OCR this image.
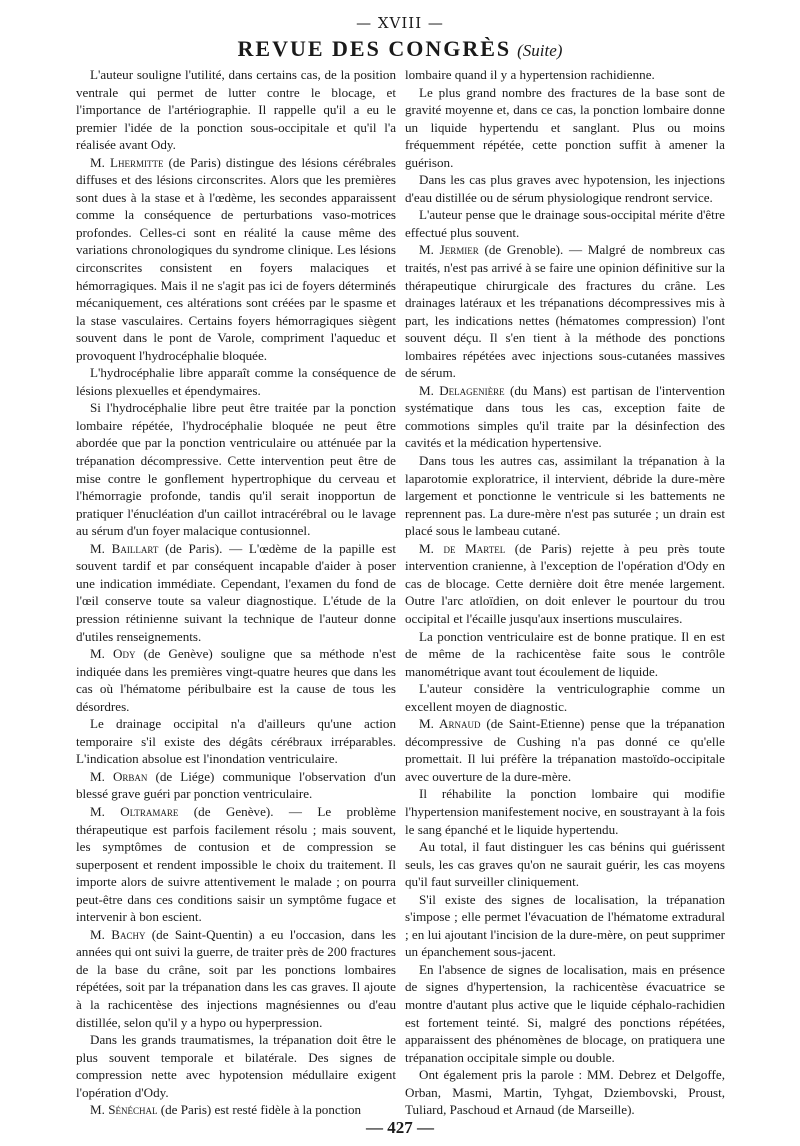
— XVIII —
REVUE DES CONGRÈS (Suite)

L'auteur souligne l'utilité, dans certains cas, de la position ventrale qui permet de lutter contre le blocage, et l'importance de l'artériographie. Il rappelle qu'il a eu le premier l'idée de la ponction sous-occipitale et qu'il l'a réalisée avant Ody.

M. Lhermitte (de Paris) distingue des lésions cérébrales diffuses et des lésions circonscrites. Alors que les premières sont dues à la stase et à l'œdème, les secondes apparaissent comme la conséquence de perturbations vaso-motrices profondes. Celles-ci sont en réalité la cause même des variations chronologiques du syndrome clinique. Les lésions circonscrites consistent en foyers malaciques et hémorragiques. Mais il ne s'agit pas ici de foyers déterminés mécaniquement, ces altérations sont créées par le spasme et la stase vasculaires. Certains foyers hémorragiques siègent souvent dans le pont de Varole, compriment l'aqueduc et provoquent l'hydrocéphalie bloquée.

L'hydrocéphalie libre apparaît comme la conséquence de lésions plexuelles et épendymaires.

Si l'hydrocéphalie libre peut être traitée par la ponction lombaire répétée, l'hydrocéphalie bloquée ne peut être abordée que par la ponction ventriculaire ou atténuée par la trépanation décompressive. Cette intervention peut être de mise contre le gonflement hypertrophique du cerveau et l'hémorragie profonde, tandis qu'il serait inopportun de pratiquer l'énucléation d'un caillot intracérébral ou le lavage au sérum d'un foyer malacique contusionnel.

M. Baillart (de Paris). — L'œdème de la papille est souvent tardif et par conséquent incapable d'aider à poser une indication immédiate. Cependant, l'examen du fond de l'œil conserve toute sa valeur diagnostique. L'étude de la pression rétinienne suivant la technique de l'auteur donne d'utiles renseignements.

M. Ody (de Genève) souligne que sa méthode n'est indiquée dans les premières vingt-quatre heures que dans les cas où l'hématome péribulbaire est la cause de tous les désordres.

Le drainage occipital n'a d'ailleurs qu'une action temporaire s'il existe des dégâts cérébraux irréparables. L'indication absolue est l'inondation ventriculaire.

M. Orban (de Liége) communique l'observation d'un blessé grave guéri par ponction ventriculaire.

M. Oltramare (de Genève). — Le problème thérapeutique est parfois facilement résolu ; mais souvent, les symptômes de contusion et de compression se superposent et rendent impossible le choix du traitement. Il importe alors de suivre attentivement le malade ; on pourra peut-être dans ces conditions saisir un symptôme fugace et intervenir à bon escient.

M. Bachy (de Saint-Quentin) a eu l'occasion, dans les années qui ont suivi la guerre, de traiter près de 200 fractures de la base du crâne, soit par les ponctions lombaires répétées, soit par la trépanation dans les cas graves. Il ajoute à la rachicentèse des injections magnésiennes ou d'eau distillée, selon qu'il y a hypo ou hyperpression.

Dans les grands traumatismes, la trépanation doit être le plus souvent temporale et bilatérale. Des signes de compression nette avec hypotension médullaire exigent l'opération d'Ody.

M. Sénéchal (de Paris) est resté fidèle à la ponction

lombaire quand il y a hypertension rachidienne.

Le plus grand nombre des fractures de la base sont de gravité moyenne et, dans ce cas, la ponction lombaire donne un liquide hypertendu et sanglant. Plus ou moins fréquemment répétée, cette ponction suffit à amener la guérison.

Dans les cas plus graves avec hypotension, les injections d'eau distillée ou de sérum physiologique rendront service.

L'auteur pense que le drainage sous-occipital mérite d'être effectué plus souvent.

M. Jermier (de Grenoble). — Malgré de nombreux cas traités, n'est pas arrivé à se faire une opinion définitive sur la thérapeutique chirurgicale des fractures du crâne. Les drainages latéraux et les trépanations décompressives mis à part, les indications nettes (hématomes compression) l'ont souvent déçu. Il s'en tient à la méthode des ponctions lombaires répétées avec injections sous-cutanées massives de sérum.

M. Delagenière (du Mans) est partisan de l'intervention systématique dans tous les cas, exception faite de commotions simples qu'il traite par la désinfection des cavités et la médication hypertensive.

Dans tous les autres cas, assimilant la trépanation à la laparotomie exploratrice, il intervient, débride la dure-mère largement et ponctionne le ventricule si les battements ne reprennent pas. La dure-mère n'est pas suturée ; un drain est placé sous le lambeau cutané.

M. de Martel (de Paris) rejette à peu près toute intervention cranienne, à l'exception de l'opération d'Ody en cas de blocage. Cette dernière doit être menée largement. Outre l'arc atloïdien, on doit enlever le pourtour du trou occipital et l'écaille jusqu'aux insertions musculaires.

La ponction ventriculaire est de bonne pratique. Il en est de même de la rachicentèse faite sous le contrôle manométrique avant tout écoulement de liquide.

L'auteur considère la ventriculographie comme un excellent moyen de diagnostic.

M. Arnaud (de Saint-Etienne) pense que la trépanation décompressive de Cushing n'a pas donné ce qu'elle promettait. Il lui préfère la trépanation mastoïdo-occipitale avec ouverture de la dure-mère.

Il réhabilite la ponction lombaire qui modifie l'hypertension manifestement nocive, en soustrayant à la fois le sang épanché et le liquide hypertendu.

Au total, il faut distinguer les cas bénins qui guérissent seuls, les cas graves qu'on ne saurait guérir, les cas moyens qu'il faut surveiller cliniquement.

S'il existe des signes de localisation, la trépanation s'impose ; elle permet l'évacuation de l'hématome extradural ; en lui ajoutant l'incision de la dure-mère, on peut supprimer un épanchement sous-jacent.

En l'absence de signes de localisation, mais en présence de signes d'hypertension, la rachicentèse évacuatrice se montre d'autant plus active que le liquide céphalo-rachidien est fortement teinté. Si, malgré des ponctions répétées, apparaissent des phénomènes de blocage, on pratiquera une trépanation occipitale simple ou double.

Ont également pris la parole : MM. Debrez et Delgoffe, Orban, Masmi, Martin, Tyhgat, Dziembovski, Proust, Tuliard, Paschoud et Arnaud (de Marseille).

— 427 —
